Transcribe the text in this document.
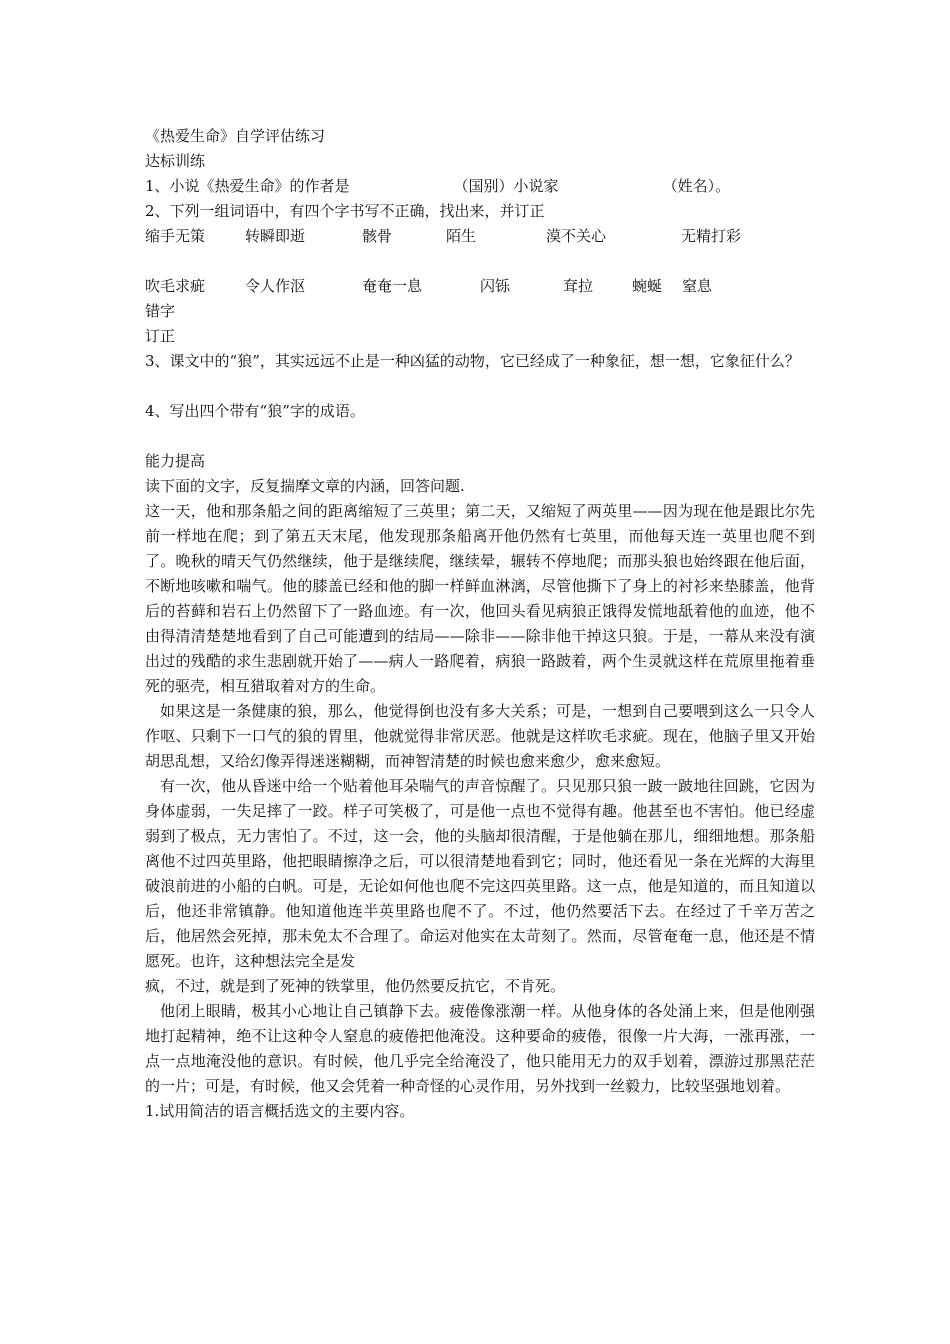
《热爱生命》自学评估练习
达标训练
1、小说《热爱生命》的作者是	（国别）小说家	（姓名）。
2、下列一组词语中，有四个字书写不正确，找出来，并订正
缩手无策	转瞬即逝	骸骨	陌生	漠不关心	无精打彩
吹毛求疵	令人作沤	奄奄一息	闪铄	耷拉	蜿蜒	窒息
错字
订正
3、课文中的“狼”，其实远远不止是一种凶猛的动物，它已经成了一种象征，想一想，它象征什么？
4、写出四个带有“狼”字的成语。
能力提高
读下面的文字，反复揣摩文章的内涵，回答问题.
这一天，他和那条船之间的距离缩短了三英里；第二天，又缩短了两英里——因为现在他是跟比尔先前一样地在爬；到了第五天末尾，他发现那条船离开他仍然有七英里，而他每天连一英里也爬不到了。晚秋的晴天气仍然继续，他于是继续爬，继续晕，辗转不停地爬；而那头狼也始终跟在他后面，不断地咳嗽和喘气。他的膝盖已经和他的脚一样鲜血淋漓，尽管他撕下了身上的衬衫来垫膝盖，他背后的苔藓和岩石上仍然留下了一路血迹。有一次，他回头看见病狼正饿得发慌地舐着他的血迹，他不由得清清楚楚地看到了自己可能遭到的结局——除非——除非他干掉这只狼。于是，一幕从来没有演出过的残酷的求生悲剧就开始了——病人一路爬着，病狼一路跛着，两个生灵就这样在荒原里拖着垂死的驱壳，相互猎取着对方的生命。
如果这是一条健康的狼，那么，他觉得倒也没有多大关系；可是，一想到自己要喂到这么一只令人作呕、只剩下一口气的狼的胃里，他就觉得非常厌恶。他就是这样吹毛求疵。现在，他脑子里又开始胡思乱想，又给幻像弄得迷迷糊糊，而神智清楚的时候也愈来愈少，愈来愈短。
有一次，他从昏迷中给一个贴着他耳朵喘气的声音惊醒了。只见那只狼一跛一跛地往回跳，它因为身体虚弱，一失足摔了一跤。样子可笑极了，可是他一点也不觉得有趣。他甚至也不害怕。他已经虚弱到了极点，无力害怕了。不过，这一会，他的头脑却很清醒，于是他躺在那儿，细细地想。那条船离他不过四英里路，他把眼睛擦净之后，可以很清楚地看到它；同时，他还看见一条在光辉的大海里破浪前进的小船的白帆。可是，无论如何他也爬不完这四英里路。这一点，他是知道的，而且知道以后，他还非常镇静。他知道他连半英里路也爬不了。不过，他仍然要活下去。在经过了千辛万苦之后，他居然会死掉，那未免太不合理了。命运对他实在太苛刻了。然而，尽管奄奄一息，他还是不情愿死。也许，这种想法完全是发
疯，不过，就是到了死神的铁掌里，他仍然要反抗它，不肯死。
他闭上眼睛，极其小心地让自己镇静下去。疲倦像涨潮一样。从他身体的各处涌上来，但是他刚强地打起精神，绝不让这种令人窒息的疲倦把他淹没。这种要命的疲倦，很像一片大海，一涨再涨，一点一点地淹没他的意识。有时候，他几乎完全给淹没了，他只能用无力的双手划着，漂游过那黑茫茫的一片；可是，有时候，他又会凭着一种奇怪的心灵作用，另外找到一丝毅力，比较坚强地划着。
1.试用简洁的语言概括选文的主要内容。
